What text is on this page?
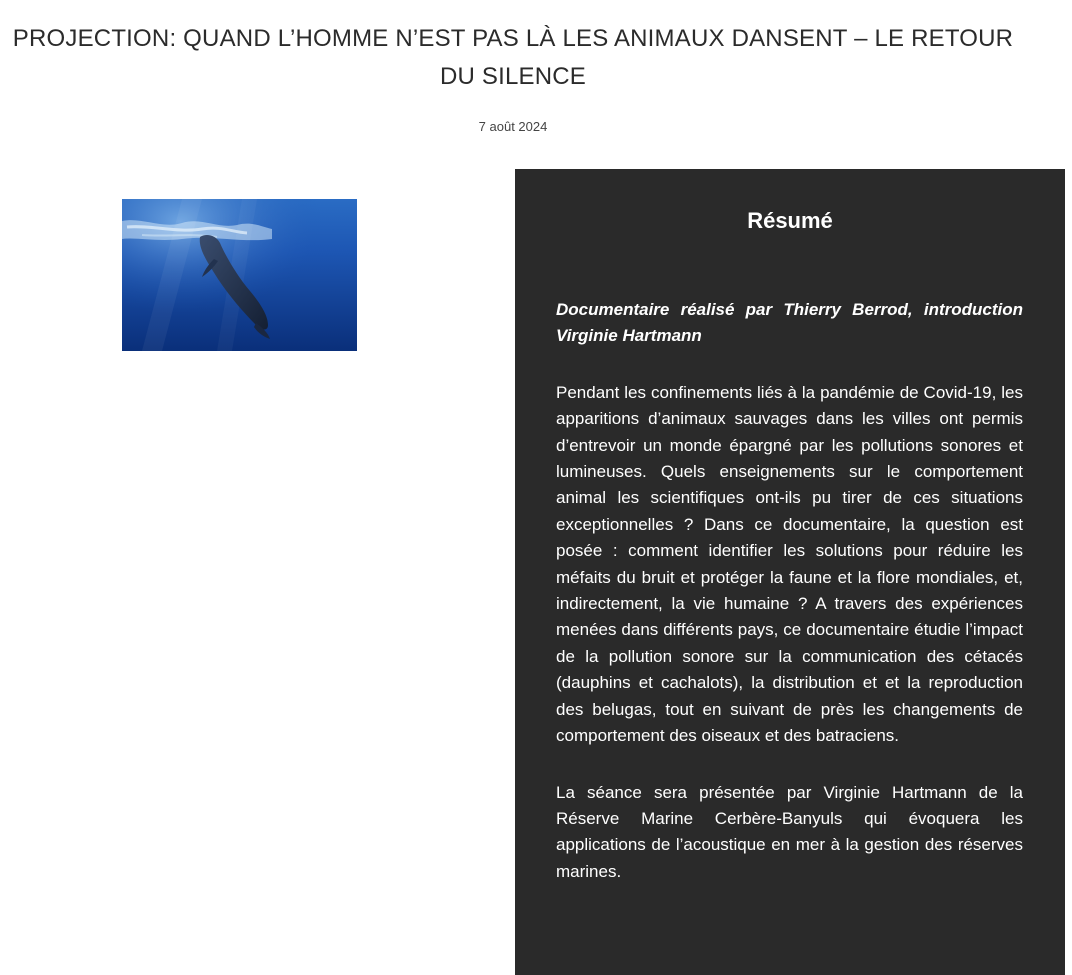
PROJECTION: QUAND L’HOMME N’EST PAS LÀ LES ANIMAUX DANSENT – LE RETOUR DU SILENCE
7 août 2024
Résumé

Documentaire réalisé par Thierry Berrod, introduction Virginie Hartmann

Pendant les confinements liés à la pandémie de Covid-19, les apparitions d’animaux sauvages dans les villes ont permis d’entrevoir un monde épargné par les pollutions sonores et lumineuses. Quels enseignements sur le comportement animal les scientifiques ont-ils pu tirer de ces situations exceptionnelles ? Dans ce documentaire, la question est posée : comment identifier les solutions pour réduire les méfaits du bruit et protéger la faune et la flore mondiales, et, indirectement, la vie humaine ? A travers des expériences menées dans différents pays, ce documentaire étudie l’impact de la pollution sonore sur la communication des cétacés (dauphins et cachalots), la distribution et et la reproduction des belugas, tout en suivant de près les changements de comportement des oiseaux et des batraciens.

La séance sera présentée par Virginie Hartmann de la Réserve Marine Cerbère-Banyuls qui évoquera les applications de l’acoustique en mer à la gestion des réserves marines.
